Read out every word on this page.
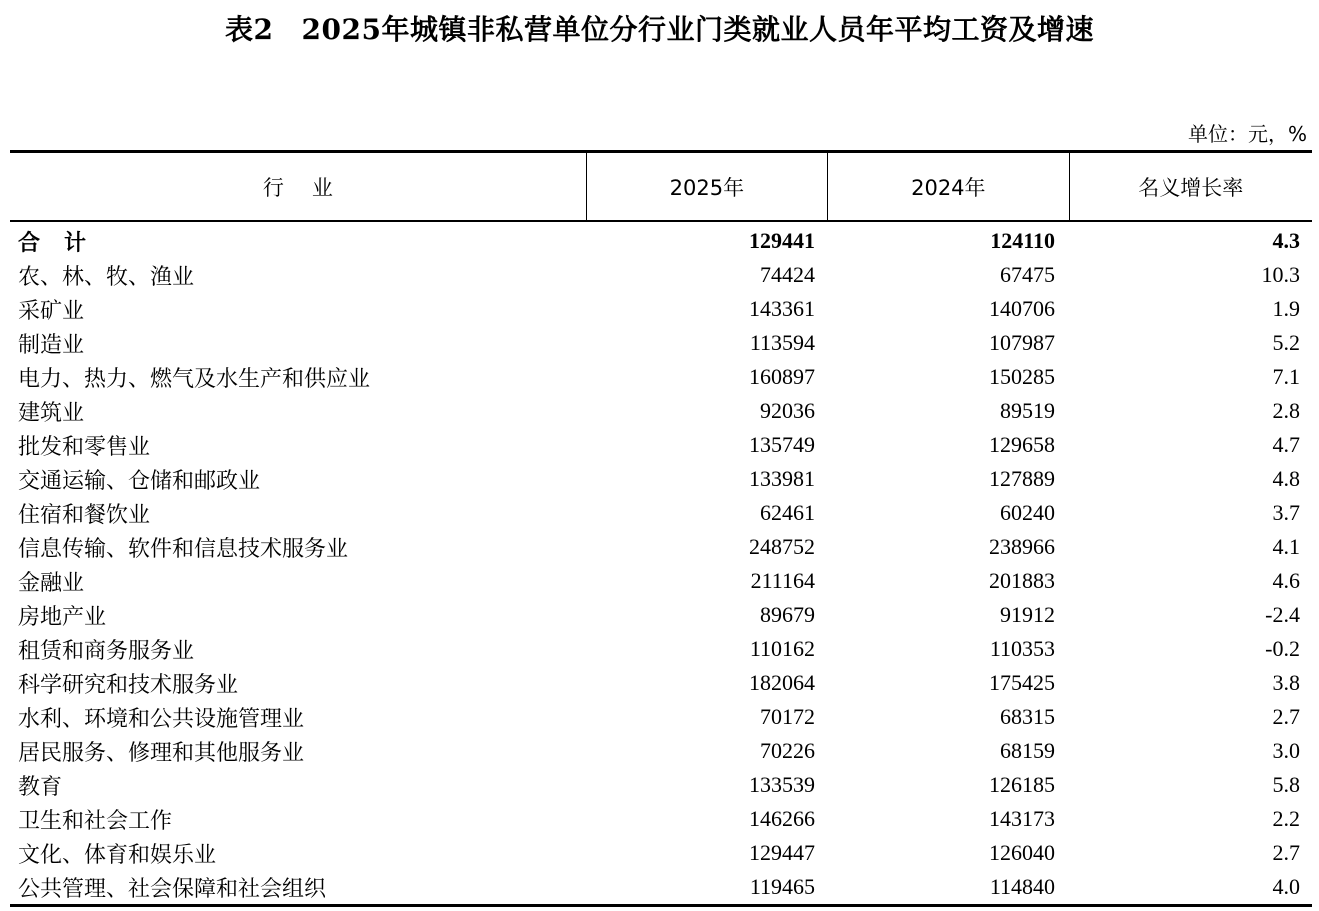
表2 2025年城镇非私营单位分行业门类就业人员年平均工资及增速
单位：元，%
行业	2025年	2024年	名义增长率
合计	129441	124110	4.3
农、林、牧、渔业	74424	67475	10.3
采矿业	143361	140706	1.9
制造业	113594	107987	5.2
电力、热力、燃气及水生产和供应业	160897	150285	7.1
建筑业	92036	89519	2.8
批发和零售业	135749	129658	4.7
交通运输、仓储和邮政业	133981	127889	4.8
住宿和餐饮业	62461	60240	3.7
信息传输、软件和信息技术服务业	248752	238966	4.1
金融业	211164	201883	4.6
房地产业	89679	91912	-2.4
租赁和商务服务业	110162	110353	-0.2
科学研究和技术服务业	182064	175425	3.8
水利、环境和公共设施管理业	70172	68315	2.7
居民服务、修理和其他服务业	70226	68159	3.0
教育	133539	126185	5.8
卫生和社会工作	146266	143173	2.2
文化、体育和娱乐业	129447	126040	2.7
公共管理、社会保障和社会组织	119465	114840	4.0
